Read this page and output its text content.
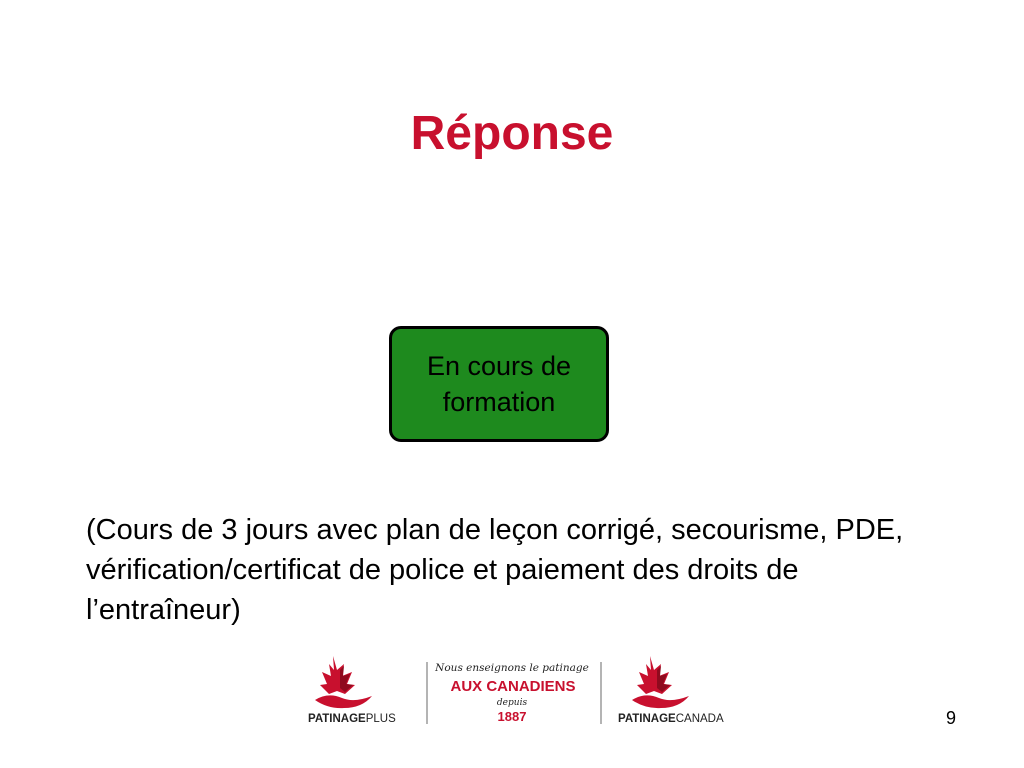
Réponse
En cours de formation
(Cours de 3 jours avec plan de leçon corrigé, secourisme, PDE, vérification/certificat de police et paiement des droits de l’entraîneur)
PATINAGEPLUS
Nous enseignons le patinage
AUX CANADIENS
depuis
1887	PATINAGECANADA	9
